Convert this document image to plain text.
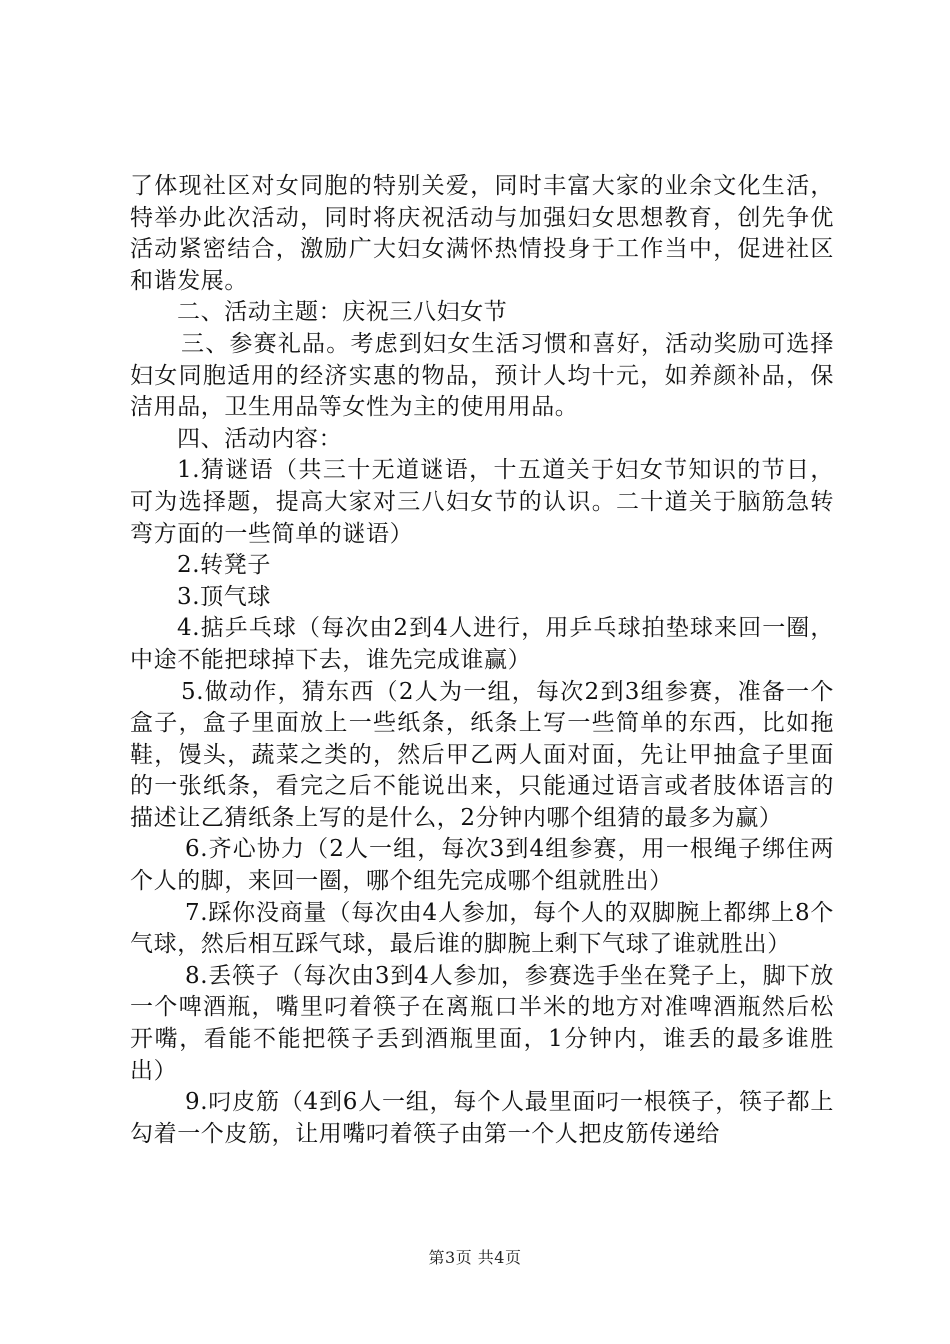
了体现社区对女同胞的特别关爱，同时丰富大家的业余文化生活，特举办此次活动，同时将庆祝活动与加强妇女思想教育，创先争优活动紧密结合，激励广大妇女满怀热情投身于工作当中，促进社区和谐发展。

二、活动主题：庆祝三八妇女节

三、参赛礼品。考虑到妇女生活习惯和喜好，活动奖励可选择妇女同胞适用的经济实惠的物品，预计人均十元，如养颜补品，保洁用品，卫生用品等女性为主的使用用品。

四、活动内容：

1.猜谜语（共三十无道谜语，十五道关于妇女节知识的节日，可为选择题，提高大家对三八妇女节的认识。二十道关于脑筋急转弯方面的一些简单的谜语）

2.转凳子

3.顶气球

4.掂乒乓球（每次由2到4人进行，用乒乓球拍垫球来回一圈，中途不能把球掉下去，谁先完成谁赢）

5.做动作，猜东西（2人为一组，每次2到3组参赛，准备一个盒子，盒子里面放上一些纸条，纸条上写一些简单的东西，比如拖鞋，馒头，蔬菜之类的，然后甲乙两人面对面，先让甲抽盒子里面的一张纸条，看完之后不能说出来，只能通过语言或者肢体语言的描述让乙猜纸条上写的是什么，2分钟内哪个组猜的最多为赢）

6.齐心协力（2人一组，每次3到4组参赛，用一根绳子绑住两个人的脚，来回一圈，哪个组先完成哪个组就胜出）

7.踩你没商量（每次由4人参加，每个人的双脚腕上都绑上8个气球，然后相互踩气球，最后谁的脚腕上剩下气球了谁就胜出）

8.丢筷子（每次由3到4人参加，参赛选手坐在凳子上，脚下放一个啤酒瓶，嘴里叼着筷子在离瓶口半米的地方对准啤酒瓶然后松开嘴，看能不能把筷子丢到酒瓶里面，1分钟内，谁丢的最多谁胜出）

9.叼皮筋（4到6人一组，每个人最里面叼一根筷子，筷子都上勾着一个皮筋，让用嘴叼着筷子由第一个人把皮筋传递给

第3页 共4页
